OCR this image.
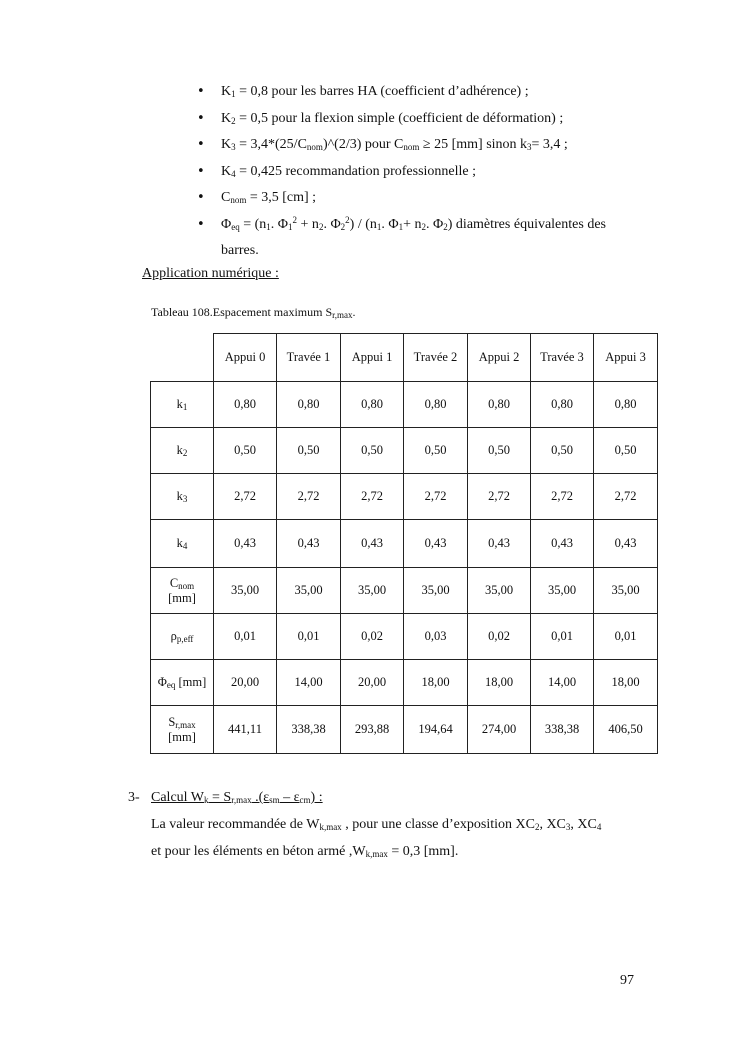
• $K_1 = 0,8$ pour les barres HA (coefficient d’adhérence) ;
• $K_2 = 0,5$ pour la flexion simple (coefficient de déformation) ;
• $K_3$ = $3,4*(25/C_{nom})\^{}(2/3)$ pour $C_{nom} \ge 25$ [mm] sinon $k_3= 3,4$ ;
• $K_4 = 0,425$ recommandation professionnelle ;
• $C_{nom} = 3,5$ [cm] ;
• $\Phi_{eq} = (n_1$. $\Phi_1^2 + n_2$. $\Phi_2^2) / (n_1$. $\Phi_1+ n_2$. $\Phi_2$) diamètres équivalentes des
barres.
Application numérique :
Tableau 108.Espacement maximum $S_{r,max}$.
	Appui 0	Travée 1	Appui 1	Travée 2	Appui 2	Travée 3	Appui 3
$k_1$	0,80	0,80	0,80	0,80	0,80	0,80	0,80
$k_2$	0,50	0,50	0,50	0,50	0,50	0,50	0,50
$k_3$	2,72	2,72	2,72	2,72	2,72	2,72	2,72
$k_4$	0,43	0,43	0,43	0,43	0,43	0,43	0,43
$C_{nom}$
[mm]	35,00	35,00	35,00	35,00	35,00	35,00	35,00
$\rho_{p,eff}$	0,01	0,01	0,02	0,03	0,02	0,01	0,01
$\Phi_{eq}$ [mm]	20,00	14,00	20,00	18,00	18,00	14,00	18,00
$S_{r,max}$
[mm]	441,11	338,38	293,88	194,64	274,00	338,38	406,50
3- Calcul $W_k = S_{r,max}$ $.(\varepsilon_{sm} - \varepsilon_{cm})$ :
La valeur recommandée de $W_{k,max}$ , pour une classe d’exposition $XC_2$, $XC_3$, $XC_4$
et pour les éléments en béton armé $,W_{k,max} = 0,3$ [mm].
97
